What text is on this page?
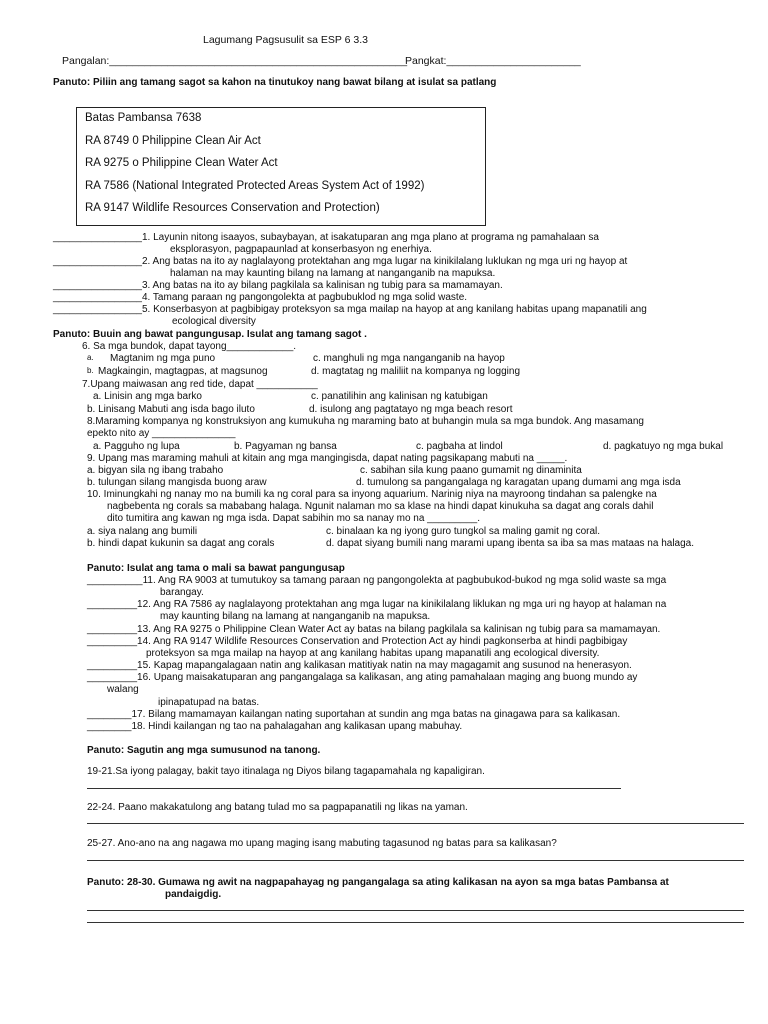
Lagumang Pagsusulit sa ESP 6 3.3
Pangalan:___________________________________________________
Pangkat:_______________________
Panuto: Piliin ang tamang sagot sa kahon na tinutukoy nang bawat bilang at isulat sa patlang
Batas Pambansa 7638
RA 8749 0 Philippine Clean Air Act
RA 9275 o Philippine Clean Water Act
RA 7586 (National Integrated Protected Areas System Act of 1992)
RA 9147 Wildlife Resources Conservation and Protection)
________________1. Layunin nitong isaayos, subaybayan, at isakatuparan ang mga plano at programa ng pamahalaan sa
eksplorasyon, pagpapaunlad at konserbasyon ng enerhiya.
________________2. Ang batas na ito ay naglalayong protektahan ang mga lugar na kinikilalang luklukan ng mga uri ng hayop at
halaman na may kaunting bilang na lamang at nanganganib na mapuksa.
________________3. Ang batas na ito ay bilang pagkilala sa kalinisan ng tubig para sa mamamayan.
________________4. Tamang paraan ng pangongolekta at pagbubuklod ng mga solid waste.
________________5. Konserbasyon at pagbibigay proteksyon sa mga mailap na hayop at ang kanilang habitas upang mapanatili ang
ecological diversity
Panuto: Buuin ang bawat pangungusap. Isulat ang tamang sagot .
6. Sa mga bundok, dapat tayong____________.
a. Magtanim ng mga puno	c. manghuli ng mga nanganganib na hayop
b. Magkaingin, magtagpas, at magsunog	d. magtatag ng maliliit na kompanya ng logging
7.Upang maiwasan ang red tide, dapat ___________
a. Linisin ang mga barko	c. panatilihin ang kalinisan ng katubigan
b. Linisang Mabuti ang isda bago iluto	d. isulong ang pagtatayo ng mga beach resort
8.Maraming kompanya ng konstruksiyon ang kumukuha ng maraming bato at buhangin mula sa mga bundok. Ang masamang
epekto nito ay _______________
a. Pagguho ng lupa	b. Pagyaman ng bansa	c. pagbaha at lindol	d. pagkatuyo ng mga bukal
9. Upang mas maraming mahuli at kitain ang mga mangingisda, dapat nating pagsikapang mabuti na _____.
a. bigyan sila ng ibang trabaho	c. sabihan sila kung paano gumamit ng dinaminita
b. tulungan silang mangisda buong araw	d. tumulong sa pangangalaga ng karagatan upang dumami ang mga isda
10. Iminungkahi ng nanay mo na bumili ka ng coral para sa inyong aquarium. Narinig niya na mayroong tindahan sa palengke na
nagbebenta ng corals sa mababang halaga. Ngunit nalaman mo sa klase na hindi dapat kinukuha sa dagat ang corals dahil
dito tumitira ang kawan ng mga isda. Dapat sabihin mo sa nanay mo na _________.
a. siya nalang ang bumili	c. binalaan ka ng iyong guro tungkol sa maling gamit ng coral.
b. hindi dapat kukunin sa dagat ang corals	d. dapat siyang bumili nang marami upang ibenta sa iba sa mas mataas na halaga.
Panuto: Isulat ang tama o mali sa bawat pangungusap
__________11. Ang RA 9003 at tumutukoy sa tamang paraan ng pangongolekta at pagbubukod-bukod ng mga solid waste sa mga
barangay.
_________12. Ang RA 7586 ay naglalayong protektahan ang mga lugar na kinikilalang liklukan ng mga uri ng hayop at halaman na
may kaunting bilang na lamang at nanganganib na mapuksa.
_________13. Ang RA 9275 o Philippine Clean Water Act ay batas na bilang pagkilala sa kalinisan ng tubig para sa mamamayan.
_________14. Ang RA 9147 Wildlife Resources Conservation and Protection Act ay hindi pagkonserba at hindi pagbibigay
proteksyon sa mga mailap na hayop at ang kanilang habitas upang mapanatili ang ecological diversity.
_________15. Kapag mapangalagaan natin ang kalikasan matitiyak natin na may magagamit ang susunod na henerasyon.
_________16. Upang maisakatuparan ang pangangalaga sa kalikasan, ang ating pamahalaan maging ang buong mundo ay
walang
ipinapatupad na batas.
________17. Bilang mamamayan kailangan nating suportahan at sundin ang mga batas na ginagawa para sa kalikasan.
________18. Hindi kailangan ng tao na pahalagahan ang kalikasan upang mabuhay.
Panuto: Sagutin ang mga sumusunod na tanong.
19-21.Sa iyong palagay, bakit tayo itinalaga ng Diyos bilang tagapamahala ng kapaligiran.
22-24. Paano makakatulong ang batang tulad mo sa pagpapanatili ng likas na yaman.
25-27. Ano-ano na ang nagawa mo upang maging isang mabuting tagasunod ng batas para sa kalikasan?
Panuto: 28-30. Gumawa ng awit na nagpapahayag ng pangangalaga sa ating kalikasan na ayon sa mga batas Pambansa at
pandaigdig.
